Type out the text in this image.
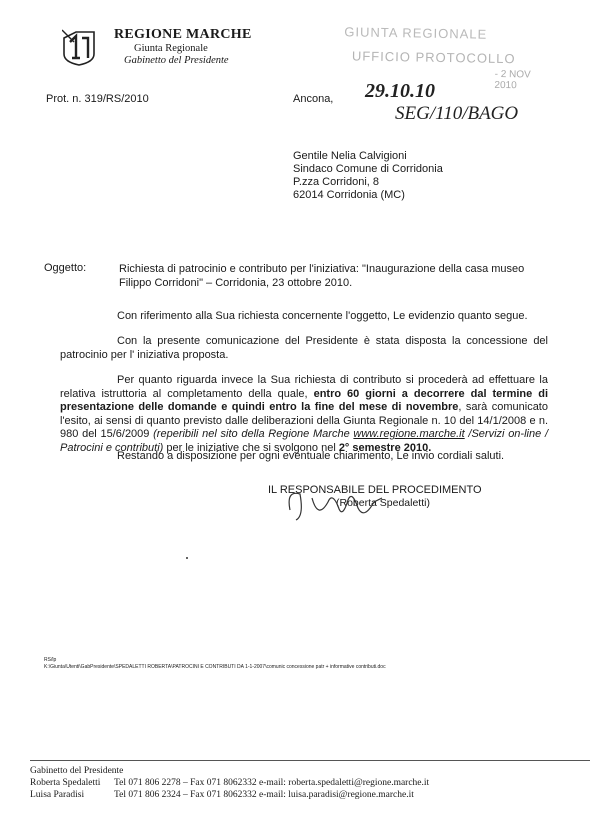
REGIONE MARCHE
Giunta Regionale
Gabinetto del Presidente
GIUNTA REGIONALE
UFFICIO PROTOCOLLO
- 2 NOV 2010
Prot. n. 319/RS/2010	Ancona, 29.10.10
SEG/110/BAGO
Gentile Nelia Calvigioni
Sindaco Comune di Corridonia
P.zza Corridoni, 8
62014 Corridonia (MC)
Oggetto:	Richiesta di patrocinio e contributo per l'iniziativa: "Inaugurazione della casa museo Filippo Corridoni" – Corridonia, 23 ottobre 2010.
Con riferimento alla Sua richiesta concernente l'oggetto, Le evidenzio quanto segue.
Con la presente comunicazione del Presidente è stata disposta la concessione del patrocinio per l' iniziativa proposta.
Per quanto riguarda invece la Sua richiesta di contributo si procederà ad effettuare la relativa istruttoria al completamento della quale, entro 60 giorni a decorrere dal termine di presentazione delle domande e quindi entro la fine del mese di novembre, sarà comunicato l'esito, ai sensi di quanto previsto dalle deliberazioni della Giunta Regionale n. 10 del 14/1/2008 e n. 980 del 15/6/2009 (reperibili nel sito della Regione Marche www.regione.marche.it /Servizi on-line / Patrocini e contributi) per le iniziative che si svolgono nel 2° semestre 2010.
Restando a disposizione per ogni eventuale chiarimento, Le invio cordiali saluti.
IL RESPONSABILE DEL PROCEDIMENTO
(Roberta Spedaletti)
RS/lp
K:\Giunta\Utenti\GabPresidente\SPEDALETTI ROBERTA\PATROCINI E CONTRIBUTI DA 1-1-2007\comunic concessione patr + informative contributi.doc
Gabinetto del Presidente
Roberta Spedaletti Tel 071 806 2278 – Fax 071 8062332 e-mail: roberta.spedaletti@regione.marche.it
Luisa Paradisi	Tel 071 806 2324 – Fax 071 8062332 e-mail: luisa.paradisi@regione.marche.it
